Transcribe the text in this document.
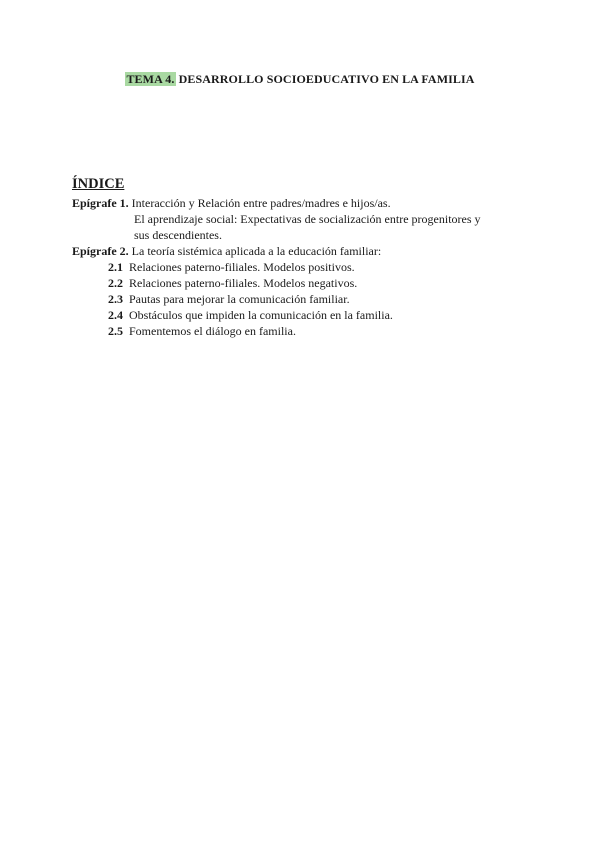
TEMA 4. DESARROLLO SOCIOEDUCATIVO EN LA FAMILIA
ÍNDICE
Epígrafe 1. Interacción y Relación entre padres/madres e hijos/as.
El aprendizaje social: Expectativas de socialización entre progenitores y
sus descendientes.
Epígrafe 2. La teoría sistémica aplicada a la educación familiar:
2.1  Relaciones paterno-filiales. Modelos positivos.
2.2  Relaciones paterno-filiales. Modelos negativos.
2.3  Pautas para mejorar la comunicación familiar.
2.4  Obstáculos que impiden la comunicación en la familia.
2.5  Fomentemos el diálogo en familia.
